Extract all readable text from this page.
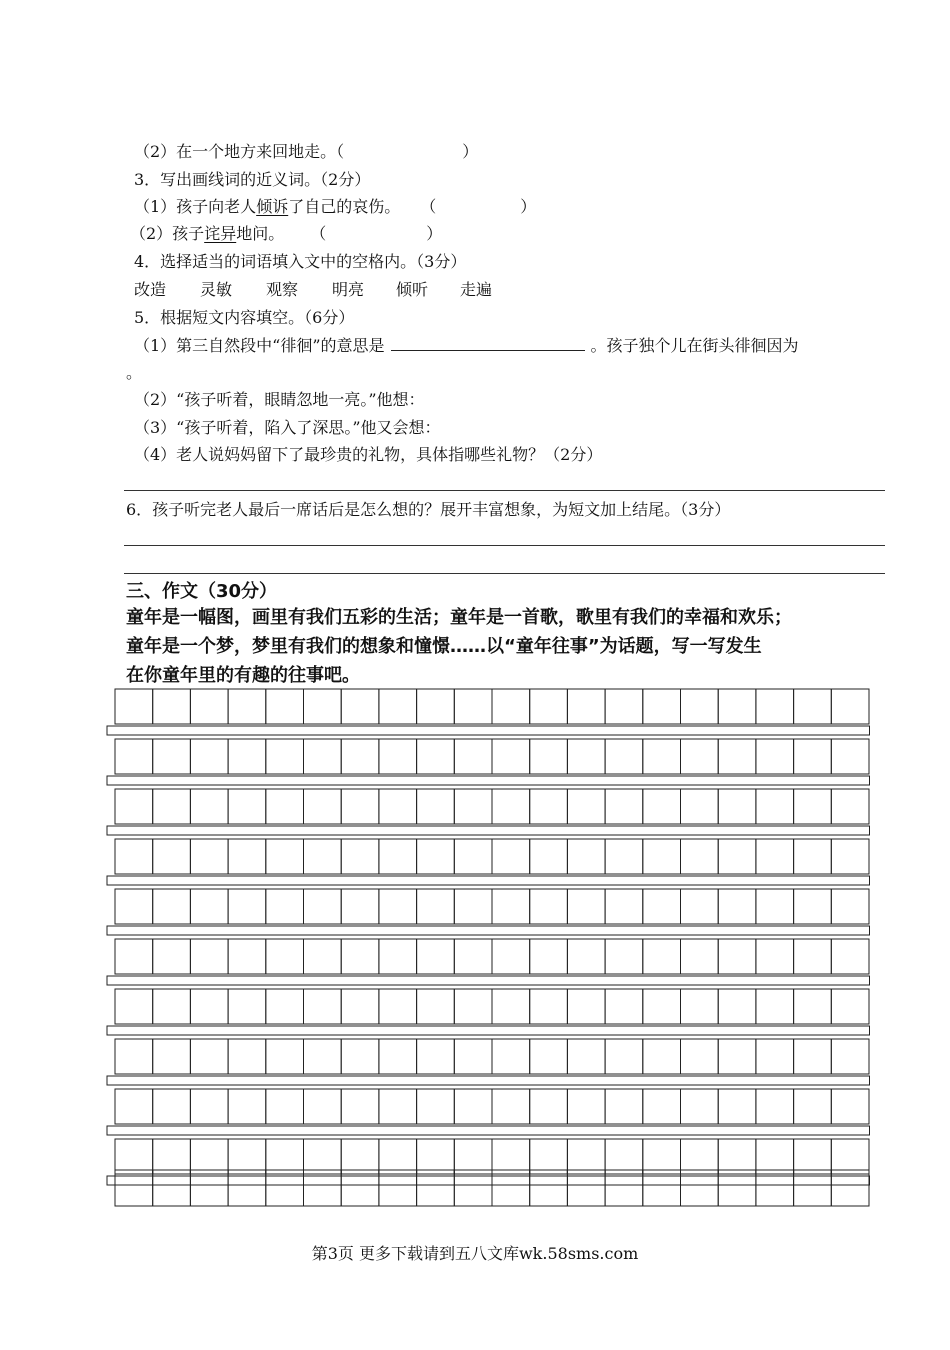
（2）在一个地方来回地走。（	）
3．写出画线词的近义词。（2分）
（1）孩子向老人倾诉了自己的哀伤。 （	）
（2）孩子诧异地问。 （	）
4．选择适当的词语填入文中的空格内。（3分）
改造 灵敏 观察 明亮 倾听 走遍
5．根据短文内容填空。（6分）
（1）第三自然段中“徘徊”的意思是	。孩子独个儿在街头徘徊因为
。
（2）“孩子听着，眼睛忽地一亮。”他想：
（3）“孩子听着，陷入了深思。”他又会想：
（4）老人说妈妈留下了最珍贵的礼物，具体指哪些礼物？（2分）
6．孩子听完老人最后一席话后是怎么想的？展开丰富想象，为短文加上结尾。（3分）
三、作文（30分）
童年是一幅图，画里有我们五彩的生活；童年是一首歌，歌里有我们的幸福和欢乐；
童年是一个梦，梦里有我们的想象和憧憬……以“童年往事”为话题，写一写发生
在你童年里的有趣的往事吧。
第3页 更多下载请到五八文库wk.58sms.com
